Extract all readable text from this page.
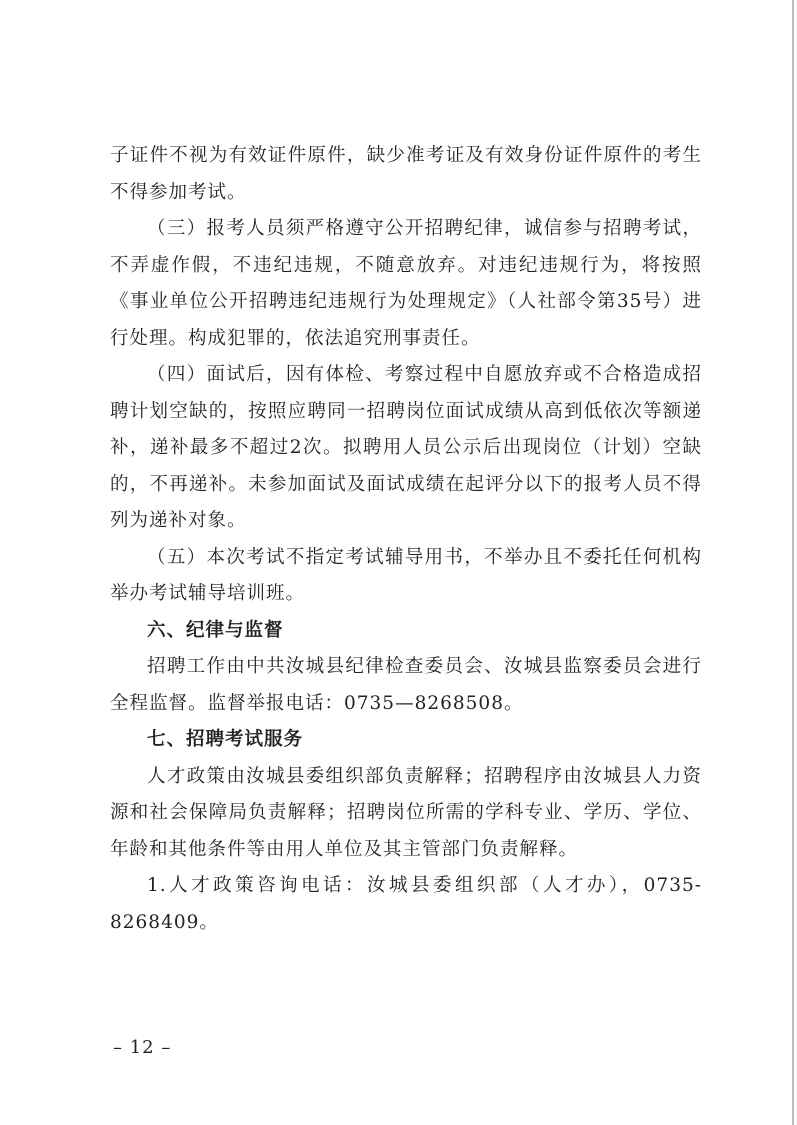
子证件不视为有效证件原件，缺少准考证及有效身份证件原件的考生不得参加考试。

（三）报考人员须严格遵守公开招聘纪律，诚信参与招聘考试，不弄虚作假，不违纪违规，不随意放弃。对违纪违规行为，将按照《事业单位公开招聘违纪违规行为处理规定》（人社部令第35号）进行处理。构成犯罪的，依法追究刑事责任。

（四）面试后，因有体检、考察过程中自愿放弃或不合格造成招聘计划空缺的，按照应聘同一招聘岗位面试成绩从高到低依次等额递补，递补最多不超过2次。拟聘用人员公示后出现岗位（计划）空缺的，不再递补。未参加面试及面试成绩在起评分以下的报考人员不得列为递补对象。

（五）本次考试不指定考试辅导用书，不举办且不委托任何机构举办考试辅导培训班。

六、纪律与监督

招聘工作由中共汝城县纪律检查委员会、汝城县监察委员会进行全程监督。监督举报电话：0735—8268508。

七、招聘考试服务

人才政策由汝城县委组织部负责解释；招聘程序由汝城县人力资源和社会保障局负责解释；招聘岗位所需的学科专业、学历、学位、年龄和其他条件等由用人单位及其主管部门负责解释。

1.人才政策咨询电话：汝城县委组织部（人才办），0735-8268409。

– 12 –
